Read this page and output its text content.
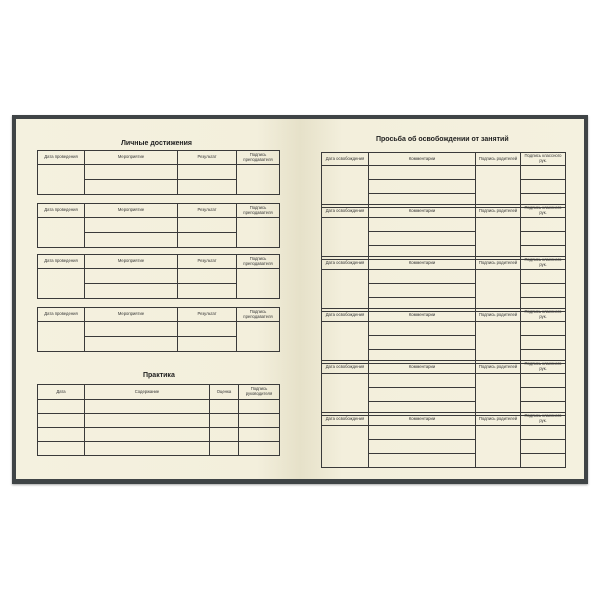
Личные достижения
Дата проведения	Мероприятие	Результат	Подпись преподавателя

Дата проведения	Мероприятие	Результат	Подпись преподавателя

Дата проведения	Мероприятие	Результат	Подпись преподавателя

Дата проведения	Мероприятие	Результат	Подпись преподавателя

Практика
Дата	Содержание	Оценка	Подпись руководителя

Просьба об освобождении от занятий
Дата освобождения	Комментарии	Подпись родителей	Подпись классного рук.

Дата освобождения	Комментарии	Подпись родителей	Подпись классного рук.

Дата освобождения	Комментарии	Подпись родителей	Подпись классного рук.

Дата освобождения	Комментарии	Подпись родителей	Подпись классного рук.

Дата освобождения	Комментарии	Подпись родителей	Подпись классного рук.

Дата освобождения	Комментарии	Подпись родителей	Подпись классного рук.
